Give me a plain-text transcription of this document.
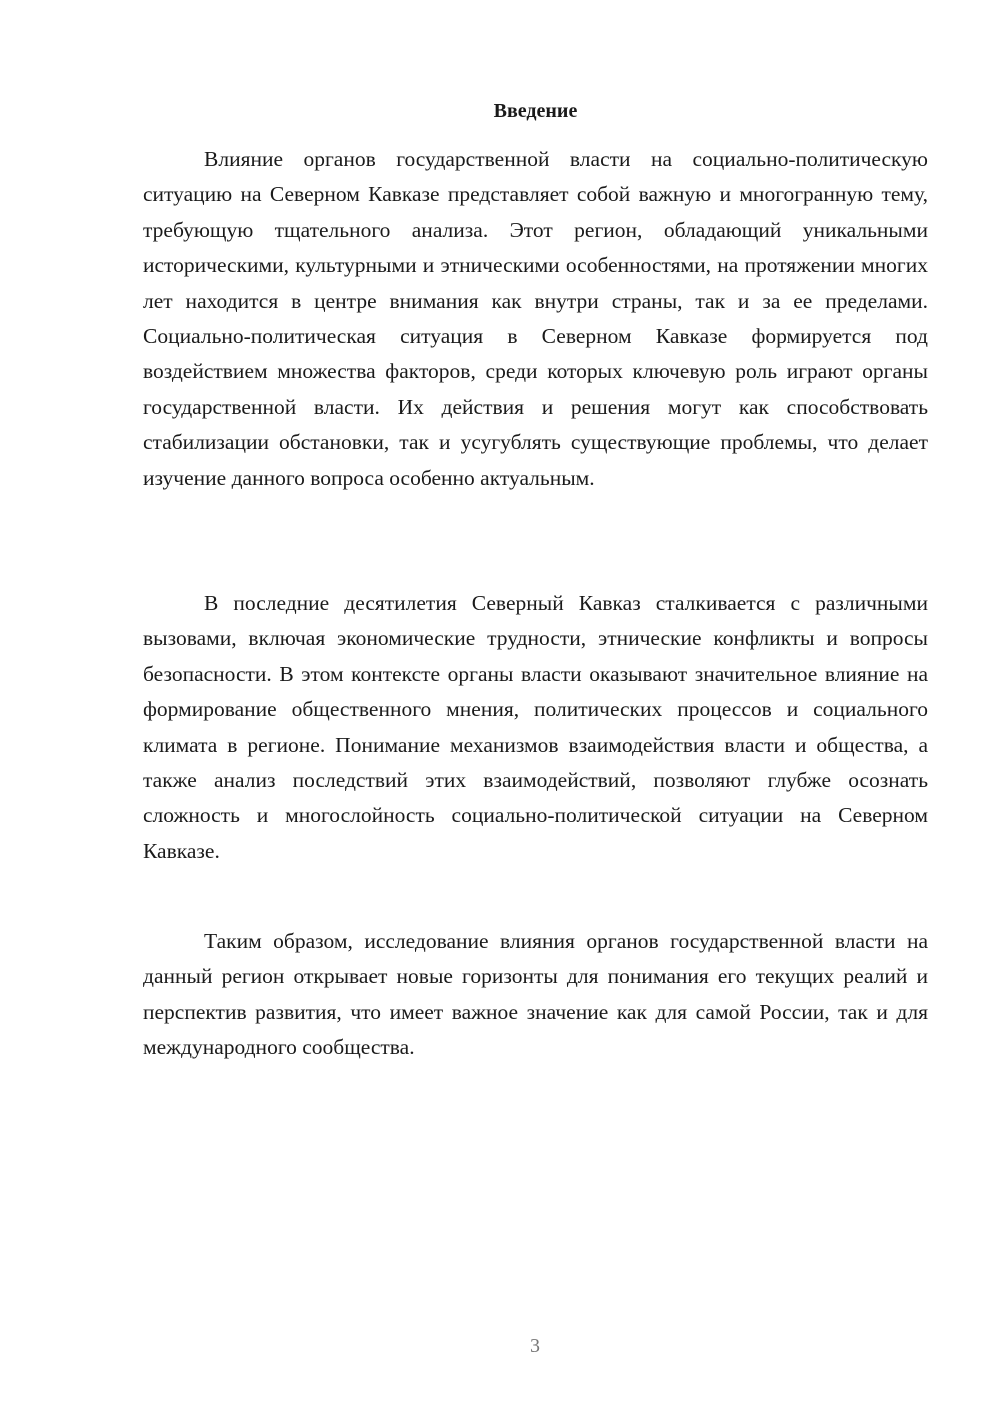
Введение

Влияние органов государственной власти на социально-политическую ситуацию на Северном Кавказе представляет собой важную и многогранную тему, требующую тщательного анализа. Этот регион, обладающий уникальными историческими, культурными и этническими особенностями, на протяжении многих лет находится в центре внимания как внутри страны, так и за ее пределами. Социально-политическая ситуация в Северном Кавказе формируется под воздействием множества факторов, среди которых ключевую роль играют органы государственной власти. Их действия и решения могут как способствовать стабилизации обстановки, так и усугублять существующие проблемы, что делает изучение данного вопроса особенно актуальным.

В последние десятилетия Северный Кавказ сталкивается с различными вызовами, включая экономические трудности, этнические конфликты и вопросы безопасности. В этом контексте органы власти оказывают значительное влияние на формирование общественного мнения, политических процессов и социального климата в регионе. Понимание механизмов взаимодействия власти и общества, а также анализ последствий этих взаимодействий, позволяют глубже осознать сложность и многослойность социально-политической ситуации на Северном Кавказе.

Таким образом, исследование влияния органов государственной власти на данный регион открывает новые горизонты для понимания его текущих реалий и перспектив развития, что имеет важное значение как для самой России, так и для международного сообщества.

3
